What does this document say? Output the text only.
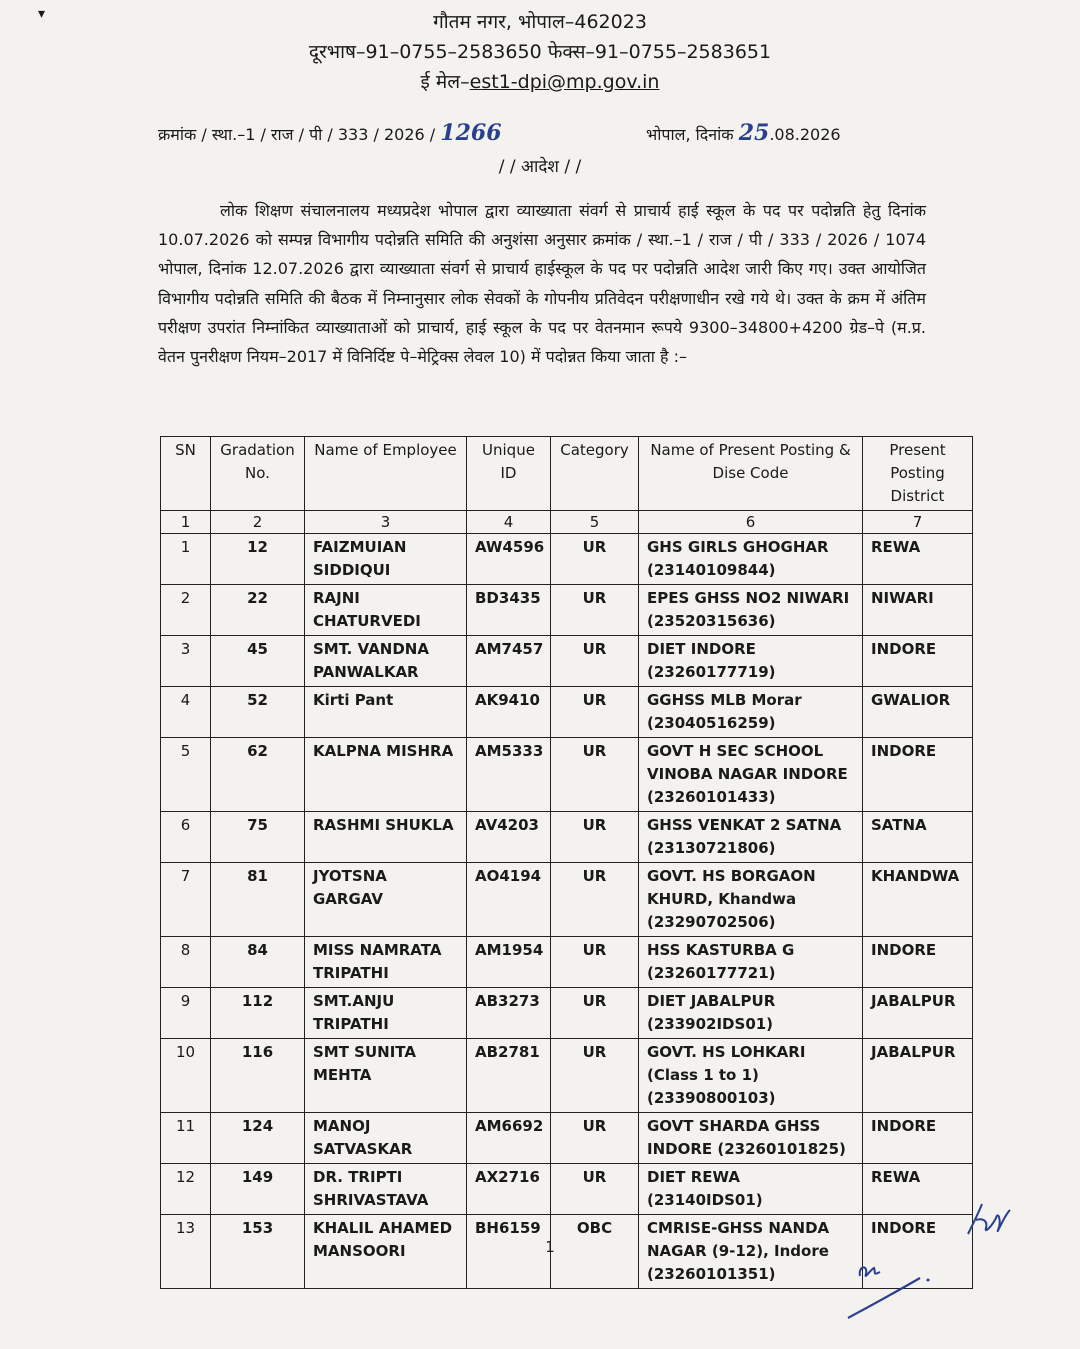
▾	गौतम नगर, भोपाल–462023
दूरभाष–91–0755–2583650 फेक्स–91–0755–2583651
ई मेल–est1-dpi@mp.gov.in
क्रमांक / स्था.–1 / राज / पी / 333 / 2026 / 1266	भोपाल, दिनांक 25.08.2026
/ / आदेश / /
लोक शिक्षण संचालनालय मध्यप्रदेश भोपाल द्वारा व्याख्याता संवर्ग से प्राचार्य हाई स्कूल के पद पर पदोन्नति हेतु दिनांक 10.07.2026 को सम्पन्न विभागीय पदोन्नति समिति की अनुशंसा अनुसार क्रमांक / स्था.–1 / राज / पी / 333 / 2026 / 1074 भोपाल, दिनांक 12.07.2026 द्वारा व्याख्याता संवर्ग से प्राचार्य हाईस्कूल के पद पर पदोन्नति आदेश जारी किए गए। उक्त आयोजित विभागीय पदोन्नति समिति की बैठक में निम्नानुसार लोक सेवकों के गोपनीय प्रतिवेदन परीक्षणाधीन रखे गये थे। उक्त के क्रम में अंतिम परीक्षण उपरांत निम्नांकित व्याख्याताओं को प्राचार्य, हाई स्कूल के पद पर वेतनमान रूपये 9300–34800+4200 ग्रेड–पे (म.प्र. वेतन पुनरीक्षण नियम–2017 में विनिर्दिष्ट पे–मेट्रिक्स लेवल 10) में पदोन्नत किया जाता है :–
SN	Gradation No.	Name of Employee	Unique ID	Category	Name of Present Posting & Dise Code	Present Posting District
1	2	3	4	5	6	7
1	12	FAIZMUIAN SIDDIQUI	AW4596	UR	GHS GIRLS GHOGHAR (23140109844)	REWA
2	22	RAJNI CHATURVEDI	BD3435	UR	EPES GHSS NO2 NIWARI (23520315636)	NIWARI
3	45	SMT. VANDNA PANWALKAR	AM7457	UR	DIET INDORE (23260177719)	INDORE
4	52	Kirti Pant	AK9410	UR	GGHSS MLB Morar (23040516259)	GWALIOR
5	62	KALPNA MISHRA	AM5333	UR	GOVT H SEC SCHOOL VINOBA NAGAR INDORE (23260101433)	INDORE
6	75	RASHMI SHUKLA	AV4203	UR	GHSS VENKAT 2 SATNA (23130721806)	SATNA
7	81	JYOTSNA GARGAV	AO4194	UR	GOVT. HS BORGAON KHURD, Khandwa (23290702506)	KHANDWA
8	84	MISS NAMRATA TRIPATHI	AM1954	UR	HSS KASTURBA G (23260177721)	INDORE
9	112	SMT.ANJU TRIPATHI	AB3273	UR	DIET JABALPUR (233902IDS01)	JABALPUR
10	116	SMT SUNITA MEHTA	AB2781	UR	GOVT. HS LOHKARI (Class 1 to 1) (23390800103)	JABALPUR
11	124	MANOJ SATVASKAR	AM6692	UR	GOVT SHARDA GHSS INDORE (23260101825)	INDORE
12	149	DR. TRIPTI SHRIVASTAVA	AX2716	UR	DIET REWA (23140IDS01)	REWA
13	153	KHALIL AHAMED MANSOORI	BH6159	OBC	CMRISE-GHSS NANDA NAGAR (9-12), Indore (23260101351)	INDORE
1
